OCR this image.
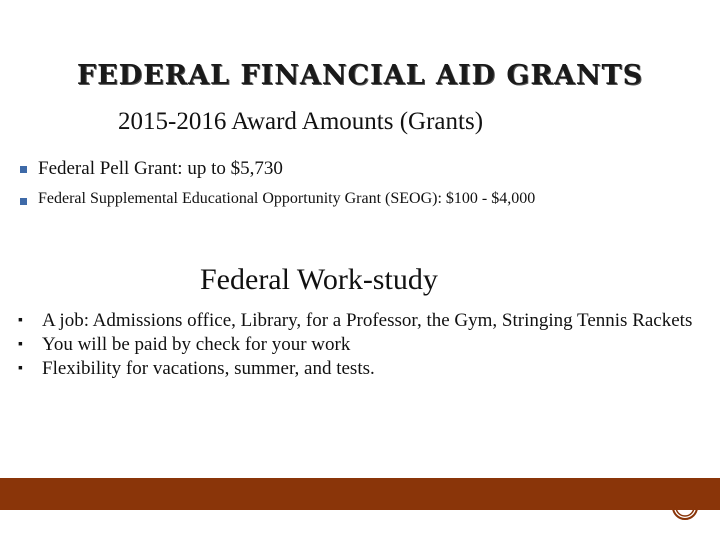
FEDERAL FINANCIAL AID GRANTS
2015-2016 Award Amounts (Grants)
Federal Pell Grant: up to $5,730
Federal Supplemental Educational Opportunity Grant (SEOG): $100 - $4,000
Federal Work-study
▪ A job: Admissions office, Library, for a Professor, the Gym, Stringing Tennis Rackets
▪ You will be paid by check for your work
▪ Flexibility for vacations, summer, and tests.
